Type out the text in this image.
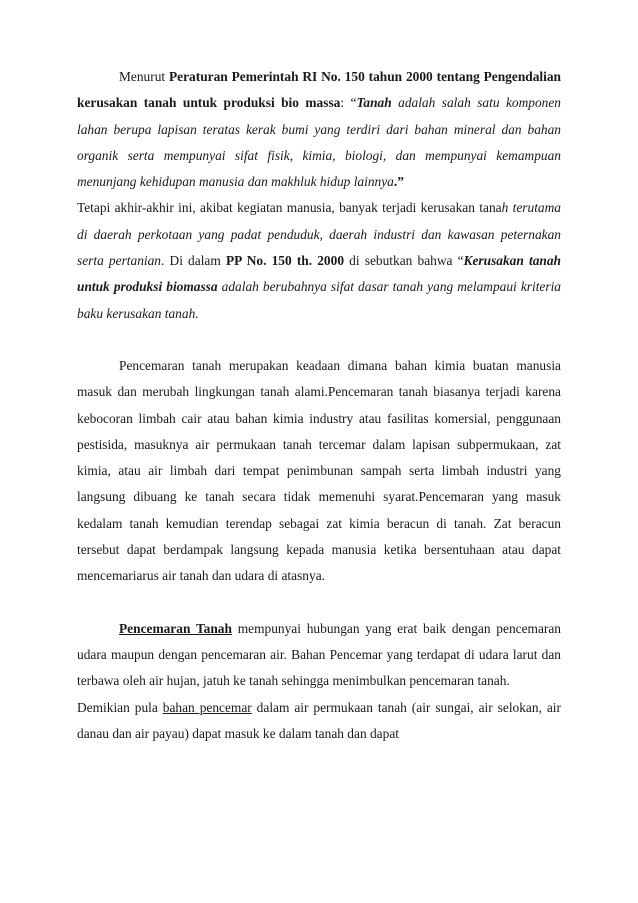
Menurut Peraturan Pemerintah RI No. 150 tahun 2000 tentang Pengendalian kerusakan tanah untuk produksi bio massa: “Tanah adalah salah satu komponen lahan berupa lapisan teratas kerak bumi yang terdiri dari bahan mineral dan bahan organik serta mempunyai sifat fisik, kimia, biologi, dan mempunyai kemampuan menunjang kehidupan manusia dan makhluk hidup lainnya.”

Tetapi akhir-akhir ini, akibat kegiatan manusia, banyak terjadi kerusakan tanah terutama di daerah perkotaan yang padat penduduk, daerah industri dan kawasan peternakan serta pertanian. Di dalam PP No. 150 th. 2000 di sebutkan bahwa “Kerusakan tanah untuk produksi biomassa adalah berubahnya sifat dasar tanah yang melampaui kriteria baku kerusakan tanah.

Pencemaran tanah merupakan keadaan dimana bahan kimia buatan manusia masuk dan merubah lingkungan tanah alami.Pencemaran tanah biasanya terjadi karena kebocoran limbah cair atau bahan kimia industry atau fasilitas komersial, penggunaan pestisida, masuknya air permukaan tanah tercemar dalam lapisan subpermukaan, zat kimia, atau air limbah dari tempat penimbunan sampah serta limbah industri yang langsung dibuang ke tanah secara tidak memenuhi syarat.Pencemaran yang masuk kedalam tanah kemudian terendap sebagai zat kimia beracun di tanah. Zat beracun tersebut dapat berdampak langsung kepada manusia ketika bersentuhaan atau dapat mencemariarus air tanah dan udara di atasnya.

Pencemaran Tanah mempunyai hubungan yang erat baik dengan pencemaran udara maupun dengan pencemaran air. Bahan Pencemar yang terdapat di udara larut dan terbawa oleh air hujan, jatuh ke tanah sehingga menimbulkan pencemaran tanah.

Demikian pula bahan pencemar dalam air permukaan tanah (air sungai, air selokan, air danau dan air payau) dapat masuk ke dalam tanah dan dapat
